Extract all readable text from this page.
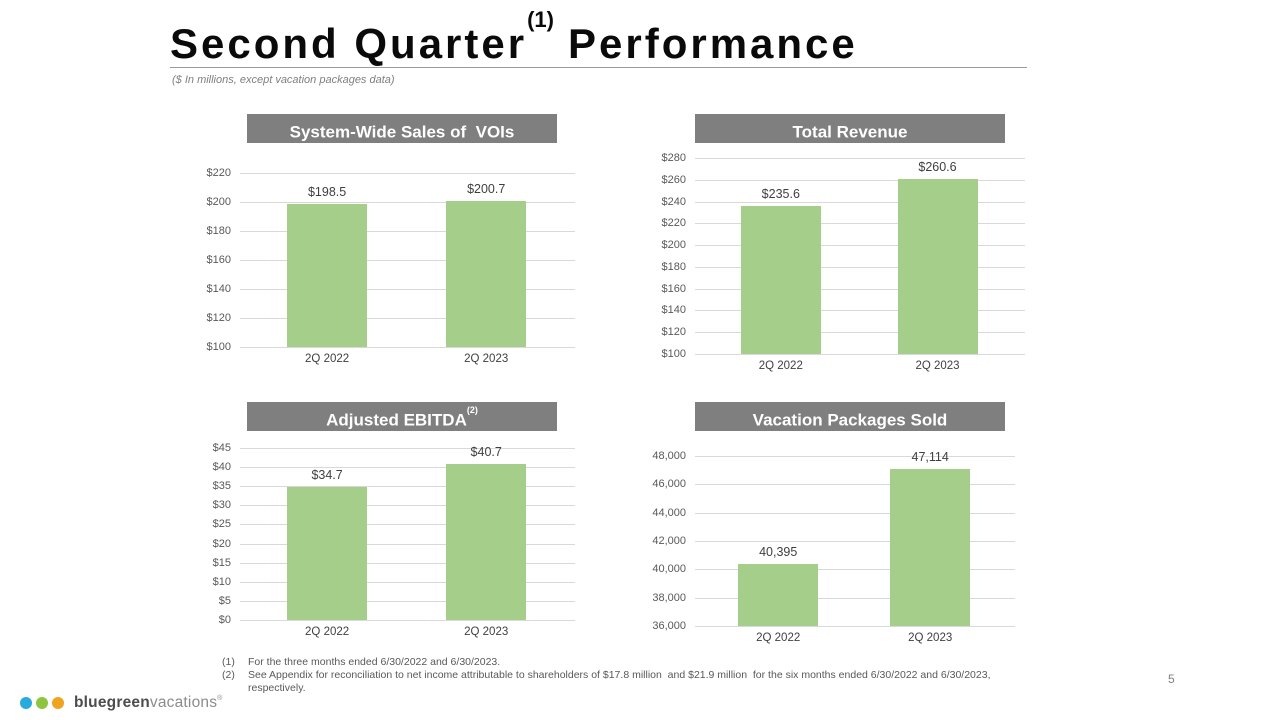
Second Quarter$^{(1)}$Performance
($ In millions, except vacation packages data)
System-Wide Sales of  VOIs
$220
$200
$180
$160
$140
$120
$100
$198.5
2Q 2022
$200.7
2Q 2023
Total Revenue
$280
$260
$240
$220
$200
$180
$160
$140
$120
$100
$235.6
2Q 2022
$260.6
2Q 2023
Adjusted EBITDA$^{(2)}$
$45
$40
$35
$30
$25
$20
$15
$10
$5
$0
$34.7
2Q 2022
$40.7
2Q 2023
Vacation Packages Sold
48,000
46,000
44,000
42,000
40,000
38,000
36,000
40,395
2Q 2022
47,114
2Q 2023
(1)	For the three months ended 6/30/2022 and 6/30/2023.
(2)	See Appendix for reconciliation to net income attributable to shareholders of $17.8 million  and $21.9 million  for the six months ended 6/30/2022 and 6/30/2023, respectively.
bluegreenvacations®
5
